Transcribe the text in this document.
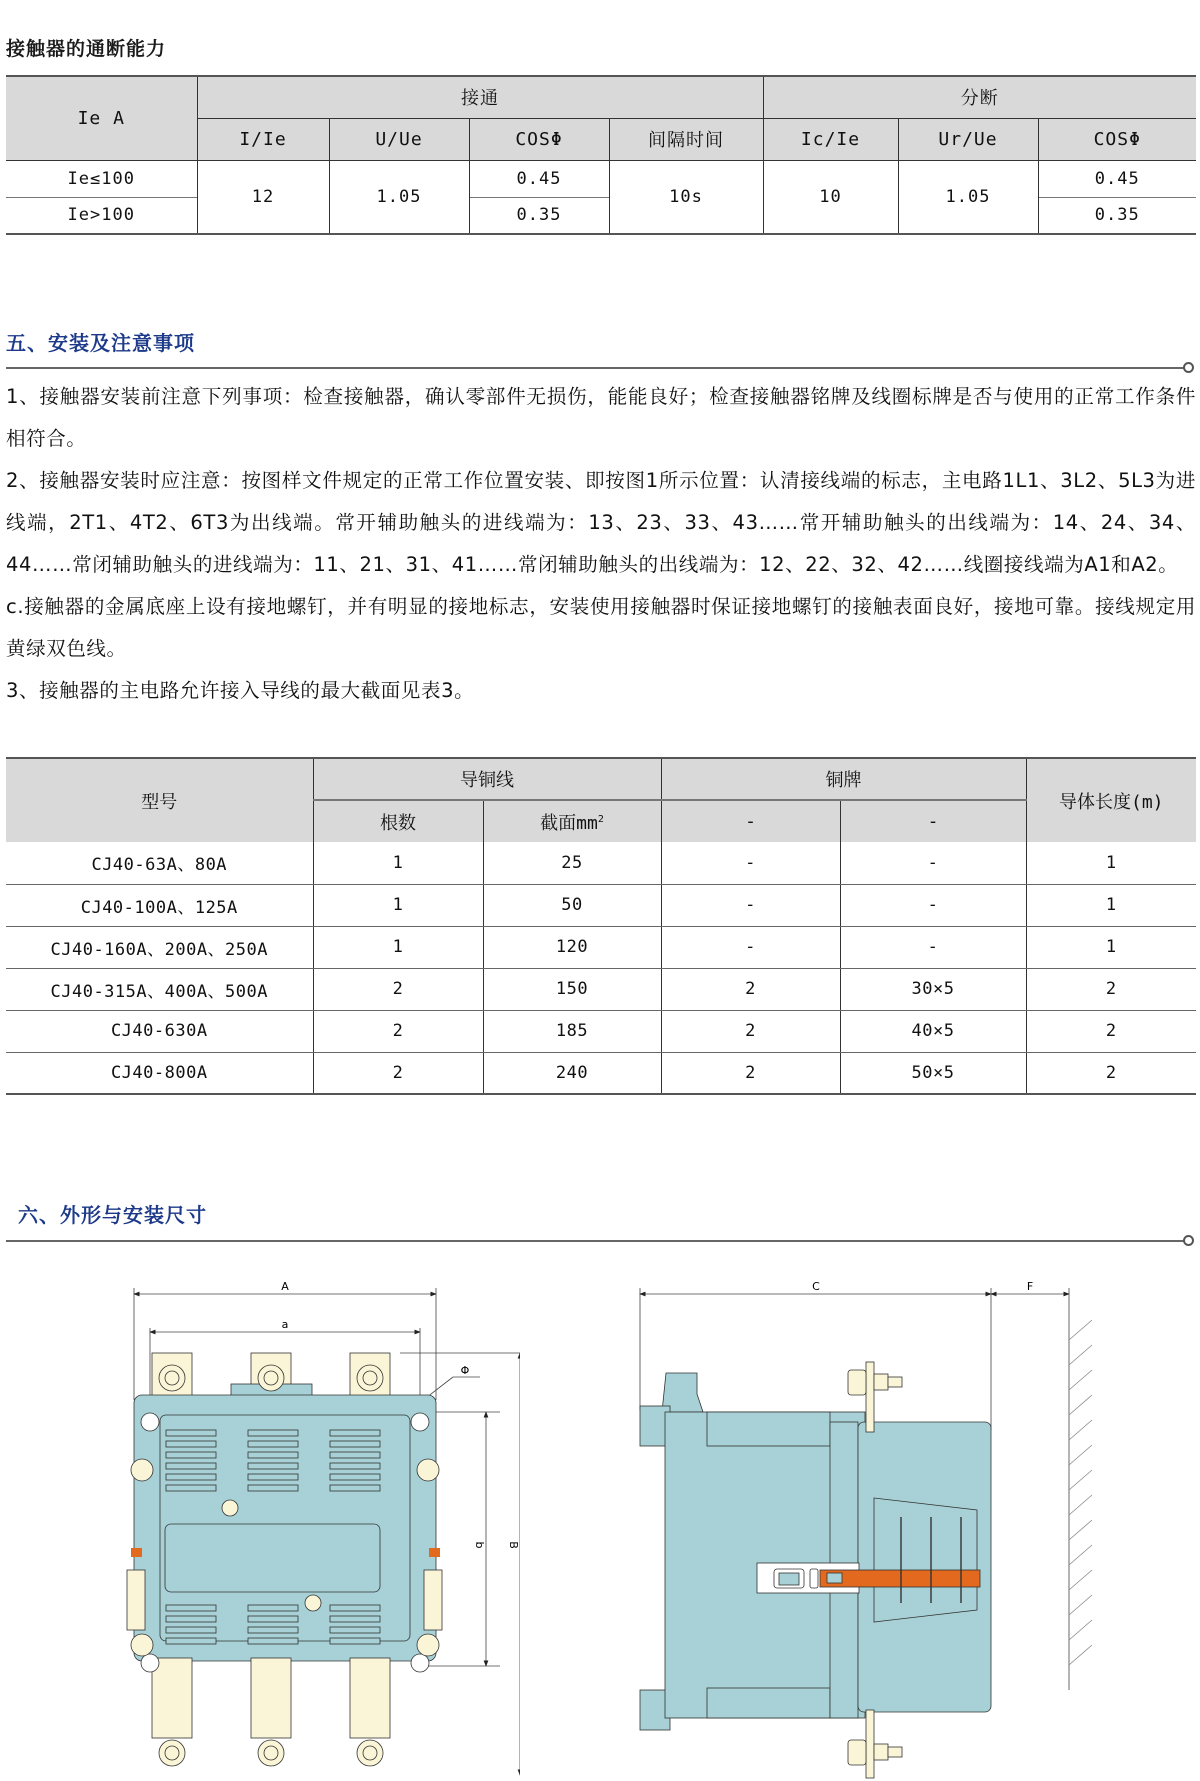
接触器的通断能力
Ie A	接通				分断		
	I/Ie	U/Ue	COSΦ	间隔时间	Ic/Ie	Ur/Ue	COSΦ
Ie≤100	12	1.05	0.45	10s	10	1.05	0.45
Ie>100			0.35				0.35
五、安装及注意事项

1、接触器安装前注意下列事项：检查接触器，确认零部件无损伤，能能良好；检查接触器铭牌及线圈标牌是否与使用的正常工作条件相符合。

2、接触器安装时应注意：按图样文件规定的正常工作位置安装、即按图1所示位置：认清接线端的标志，主电路1L1、3L2、5L3为进线端，2T1、4T2、6T3为出线端。常开辅助触头的进线端为：13、23、33、43……常开辅助触头的出线端为：14、24、34、44……常闭辅助触头的进线端为：11、21、31、41……常闭辅助触头的出线端为：12、22、32、42……线圈接线端为A1和A2。

c.接触器的金属底座上设有接地螺钉，并有明显的接地标志，安装使用接触器时保证接地螺钉的接触表面良好，接地可靠。接线规定用黄绿双色线。

3、接触器的主电路允许接入导线的最大截面见表3。

型号	导铜线		铜牌		导体长度(m)
	根数	截面$mm^2$	-	-	
CJ40-63A、80A	1	25	-	-	1
CJ40-100A、125A	1	50	-	-	1
CJ40-160A、200A、250A	1	120	-	-	1
CJ40-315A、400A、500A	2	150	2	30×5	2
CJ40-630A	2	185	2	40×5	2
CJ40-800A	2	240	2	50×5	2
六、外形与安装尺寸
A
a
Φ
b B
C	F
